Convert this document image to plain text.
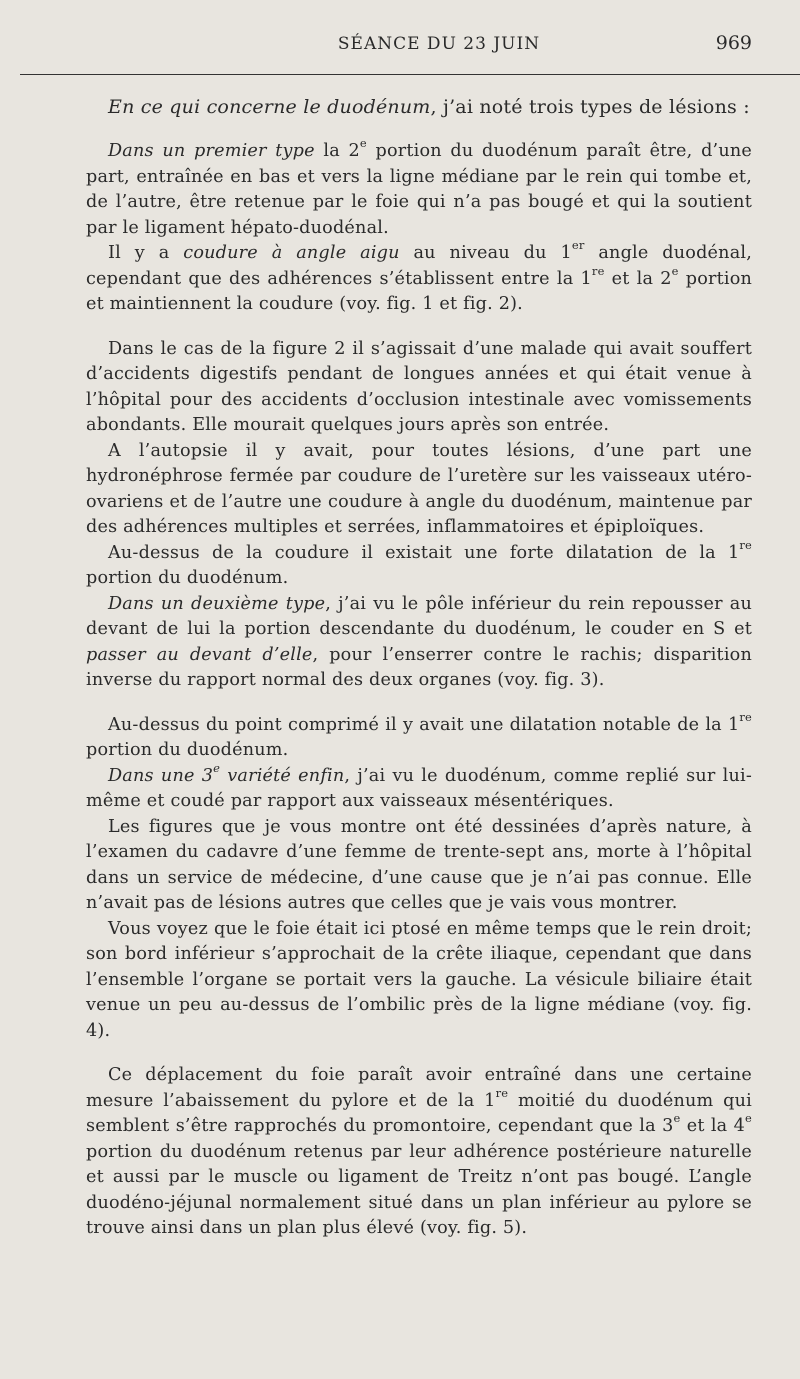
SÉANCE DU 23 JUIN	969

En ce qui concerne le duodénum, j’ai noté trois types de lésions :

Dans un premier type la 2e portion du duodénum paraît être, d’une part, entraînée en bas et vers la ligne médiane par le rein qui tombe et, de l’autre, être retenue par le foie qui n’a pas bougé et qui la soutient par le ligament hépato-duodénal.

Il y a coudure à angle aigu au niveau du 1er angle duodénal, cependant que des adhérences s’établissent entre la 1re et la 2e portion et maintiennent la coudure (voy. fig. 1 et fig. 2).

Dans le cas de la figure 2 il s’agissait d’une malade qui avait souffert d’accidents digestifs pendant de longues années et qui était venue à l’hôpital pour des accidents d’occlusion intestinale avec vomissements abondants. Elle mourait quelques jours après son entrée.

A l’autopsie il y avait, pour toutes lésions, d’une part une hydronéphrose fermée par coudure de l’uretère sur les vaisseaux utéro-ovariens et de l’autre une coudure à angle du duodénum, maintenue par des adhérences multiples et serrées, inflammatoires et épiploïques.

Au-dessus de la coudure il existait une forte dilatation de la 1re portion du duodénum.

Dans un deuxième type, j’ai vu le pôle inférieur du rein repousser au devant de lui la portion descendante du duodénum, le couder en S et passer au devant d’elle, pour l’enserrer contre le rachis; disparition inverse du rapport normal des deux organes (voy. fig. 3).

Au-dessus du point comprimé il y avait une dilatation notable de la 1re portion du duodénum.

Dans une 3e variété enfin, j’ai vu le duodénum, comme replié sur lui-même et coudé par rapport aux vaisseaux mésentériques.

Les figures que je vous montre ont été dessinées d’après nature, à l’examen du cadavre d’une femme de trente-sept ans, morte à l’hôpital dans un service de médecine, d’une cause que je n’ai pas connue. Elle n’avait pas de lésions autres que celles que je vais vous montrer.

Vous voyez que le foie était ici ptosé en même temps que le rein droit; son bord inférieur s’approchait de la crête iliaque, cependant que dans l’ensemble l’organe se portait vers la gauche. La vésicule biliaire était venue un peu au-dessus de l’ombilic près de la ligne médiane (voy. fig. 4).

Ce déplacement du foie paraît avoir entraîné dans une certaine mesure l’abaissement du pylore et de la 1re moitié du duodénum qui semblent s’être rapprochés du promontoire, cependant que la 3e et la 4e portion du duodénum retenus par leur adhérence postérieure naturelle et aussi par le muscle ou ligament de Treitz n’ont pas bougé. L’angle duodéno-jéjunal normalement situé dans un plan inférieur au pylore se trouve ainsi dans un plan plus élevé (voy. fig. 5).
